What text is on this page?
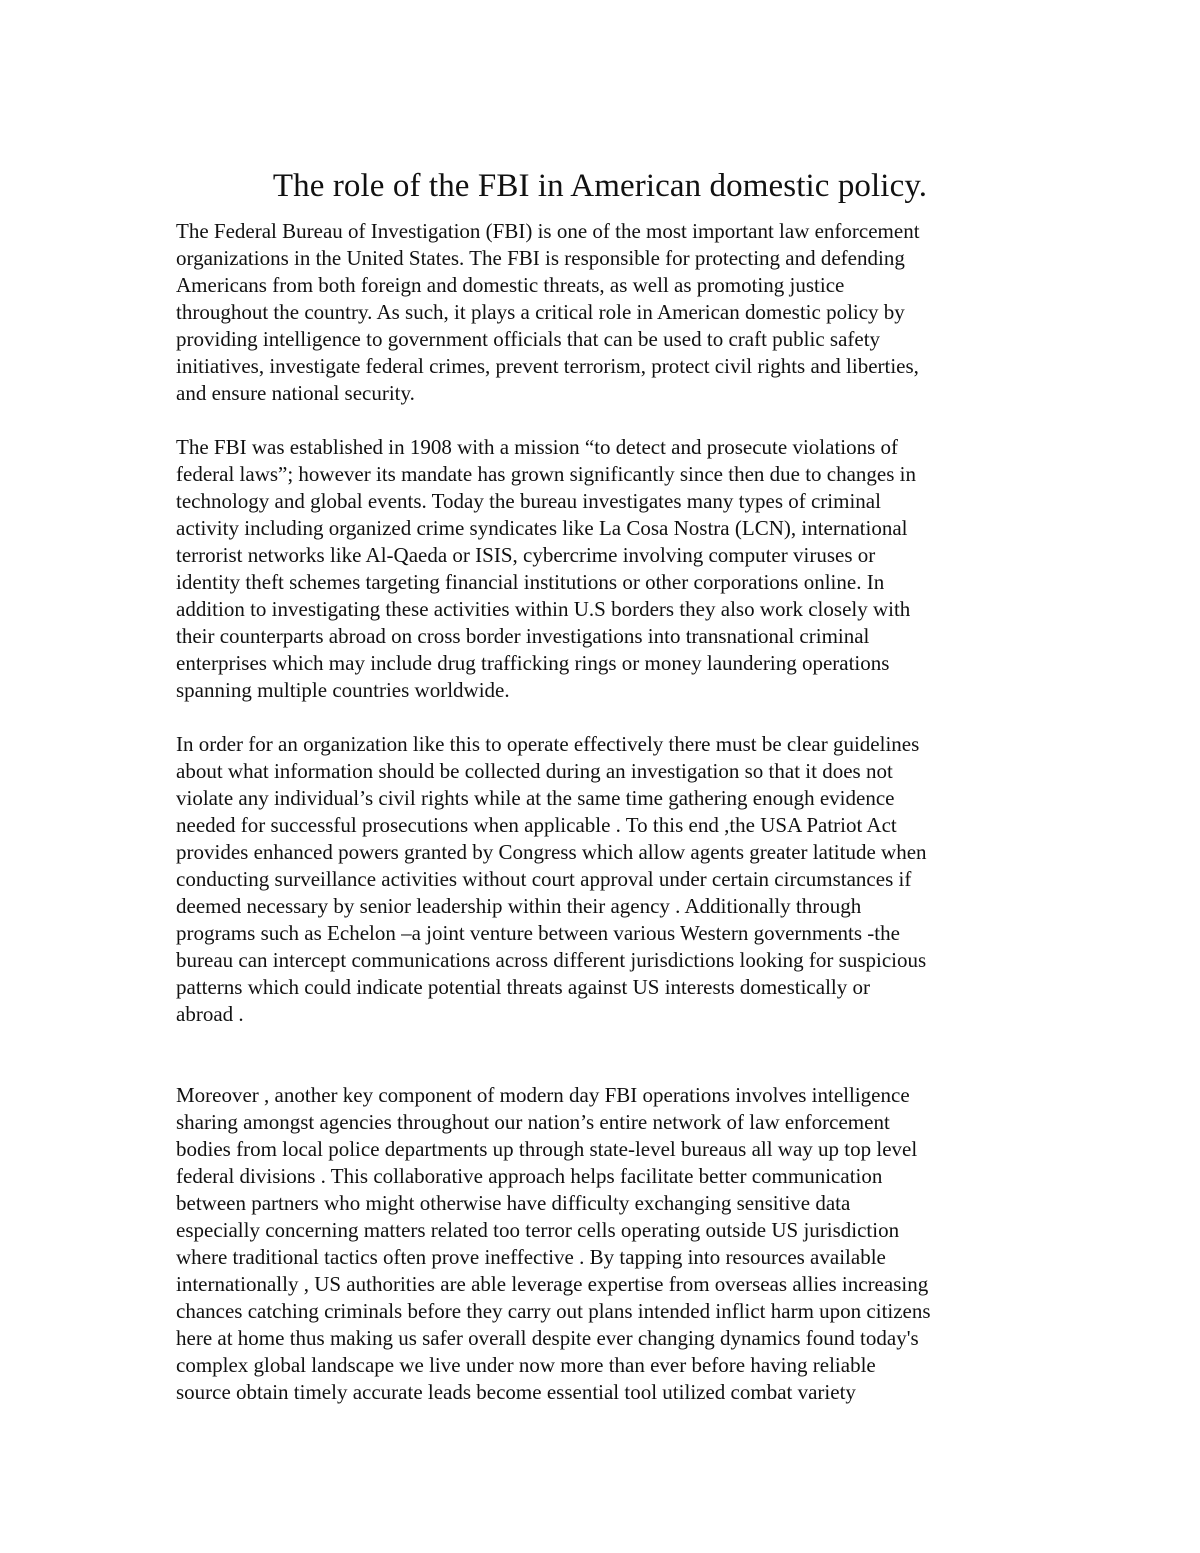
The role of the FBI in American domestic policy.

The Federal Bureau of Investigation (FBI) is one of the most important law enforcement
organizations in the United States. The FBI is responsible for protecting and defending
Americans from both foreign and domestic threats, as well as promoting justice
throughout the country. As such, it plays a critical role in American domestic policy by
providing intelligence to government officials that can be used to craft public safety
initiatives, investigate federal crimes, prevent terrorism, protect civil rights and liberties,
and ensure national security.

The FBI was established in 1908 with a mission “to detect and prosecute violations of
federal laws”; however its mandate has grown significantly since then due to changes in
technology and global events. Today the bureau investigates many types of criminal
activity including organized crime syndicates like La Cosa Nostra (LCN), international
terrorist networks like Al-Qaeda or ISIS, cybercrime involving computer viruses or
identity theft schemes targeting financial institutions or other corporations online. In
addition to investigating these activities within U.S borders they also work closely with
their counterparts abroad on cross border investigations into transnational criminal
enterprises which may include drug trafficking rings or money laundering operations
spanning multiple countries worldwide.

In order for an organization like this to operate effectively there must be clear guidelines
about what information should be collected during an investigation so that it does not
violate any individual’s civil rights while at the same time gathering enough evidence
needed for successful prosecutions when applicable . To this end ,the USA Patriot Act
provides enhanced powers granted by Congress which allow agents greater latitude when
conducting surveillance activities without court approval under certain circumstances if
deemed necessary by senior leadership within their agency . Additionally through
programs such as Echelon –a joint venture between various Western governments -the
bureau can intercept communications across different jurisdictions looking for suspicious
patterns which could indicate potential threats against US interests domestically or
abroad .

Moreover , another key component of modern day FBI operations involves intelligence
sharing amongst agencies throughout our nation’s entire network of law enforcement
bodies from local police departments up through state-level bureaus all way up top level
federal divisions . This collaborative approach helps facilitate better communication
between partners who might otherwise have difficulty exchanging sensitive data
especially concerning matters related too terror cells operating outside US jurisdiction
where traditional tactics often prove ineffective . By tapping into resources available
internationally , US authorities are able leverage expertise from overseas allies increasing
chances catching criminals before they carry out plans intended inflict harm upon citizens
here at home thus making us safer overall despite ever changing dynamics found today's
complex global landscape we live under now more than ever before having reliable
source obtain timely accurate leads become essential tool utilized combat variety
